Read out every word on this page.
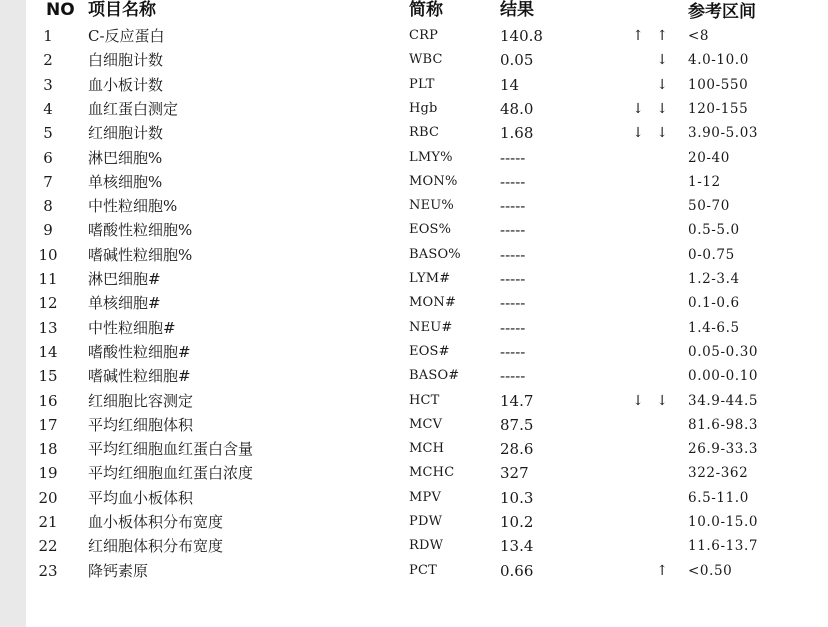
NO 项目名称	简称	结果	参考区间
1	C-反应蛋白	CRP	140.8	↑ ↑ <8
2	白细胞计数	WBC	0.05	↓ 4.0-10.0
3	血小板计数	PLT	14	↓ 100-550
4	血红蛋白测定	Hgb	48.0	↓ ↓ 120-155
5	红细胞计数	RBC	1.68	↓ ↓ 3.90-5.03
6	淋巴细胞%	LMY%	-----	20-40
7	单核细胞%	MON%	-----	1-12
8	中性粒细胞%	NEU%	-----	50-70
9	嗜酸性粒细胞%	EOS%	-----	0.5-5.0
10	嗜碱性粒细胞%	BASO%	-----	0-0.75
11	淋巴细胞#	LYM#	-----	1.2-3.4
12	单核细胞#	MON#	-----	0.1-0.6
13	中性粒细胞#	NEU#	-----	1.4-6.5
14	嗜酸性粒细胞#	EOS#	-----	0.05-0.30
15	嗜碱性粒细胞#	BASO#	-----	0.00-0.10
16	红细胞比容测定	HCT	14.7	↓ ↓ 34.9-44.5
17	平均红细胞体积	MCV	87.5	81.6-98.3
18	平均红细胞血红蛋白含量	MCH	28.6	26.9-33.3
19	平均红细胞血红蛋白浓度	MCHC	327	322-362
20	平均血小板体积	MPV	10.3	6.5-11.0
21	血小板体积分布宽度	PDW	10.2	10.0-15.0
22	红细胞体积分布宽度	RDW	13.4	11.6-13.7
23	降钙素原	PCT	0.66	↑ <0.50
